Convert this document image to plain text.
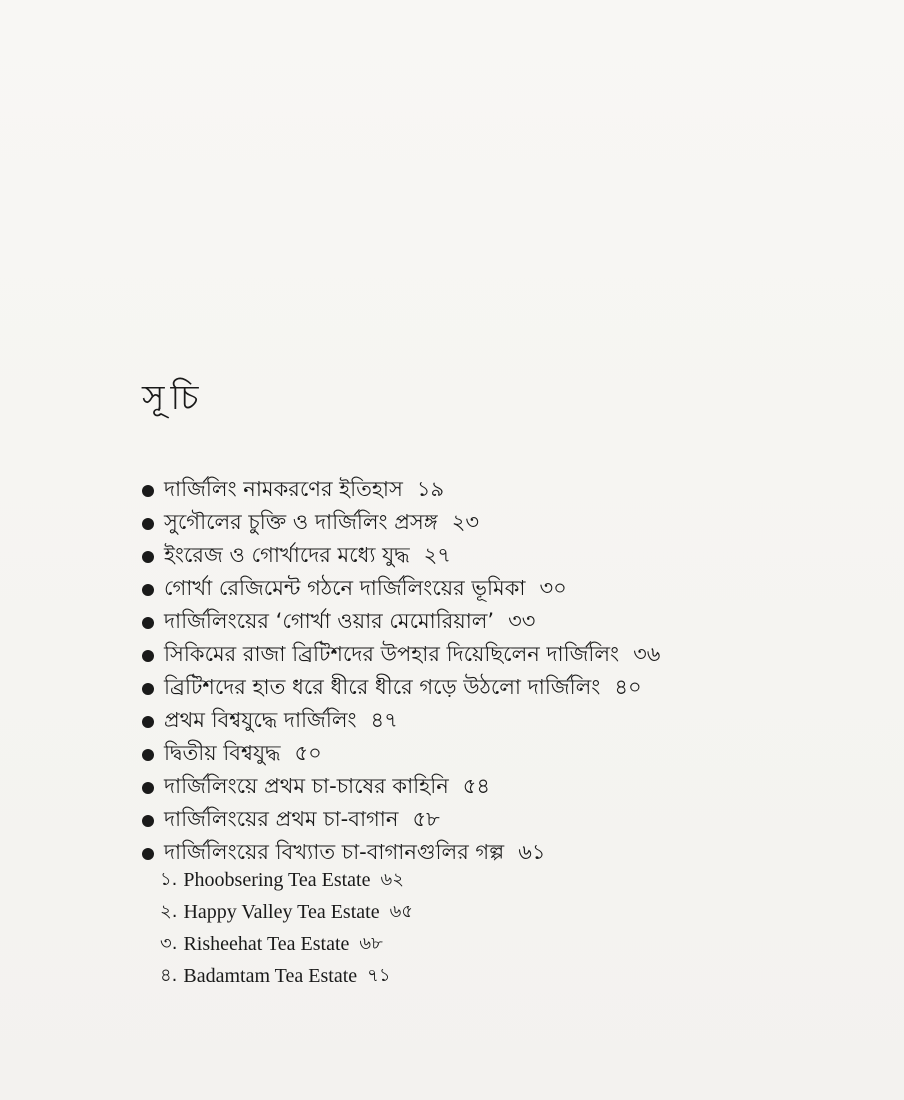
সূচি
দার্জিলিং নামকরণের ইতিহাস ১৯
সুগৌলের চুক্তি ও দার্জিলিং প্রসঙ্গ ২৩
ইংরেজ ও গোর্খাদের মধ্যে যুদ্ধ ২৭
গোর্খা রেজিমেন্ট গঠনে দার্জিলিংয়ের ভূমিকা ৩০
দার্জিলিংয়ের ‘গোর্খা ওয়ার মেমোরিয়াল’ ৩৩
সিকিমের রাজা ব্রিটিশদের উপহার দিয়েছিলেন দার্জিলিং ৩৬
ব্রিটিশদের হাত ধরে ধীরে ধীরে গড়ে উঠলো দার্জিলিং ৪০
প্রথম বিশ্বযুদ্ধে দার্জিলিং ৪৭
দ্বিতীয় বিশ্বযুদ্ধ ৫০
দার্জিলিংয়ে প্রথম চা-চাষের কাহিনি ৫৪
দার্জিলিংয়ের প্রথম চা-বাগান ৫৮
দার্জিলিংয়ের বিখ্যাত চা-বাগানগুলির গল্প ৬১
১. Phoobsering Tea Estate ৬২
২. Happy Valley Tea Estate ৬৫
৩. Risheehat Tea Estate ৬৮
৪. Badamtam Tea Estate ৭১
